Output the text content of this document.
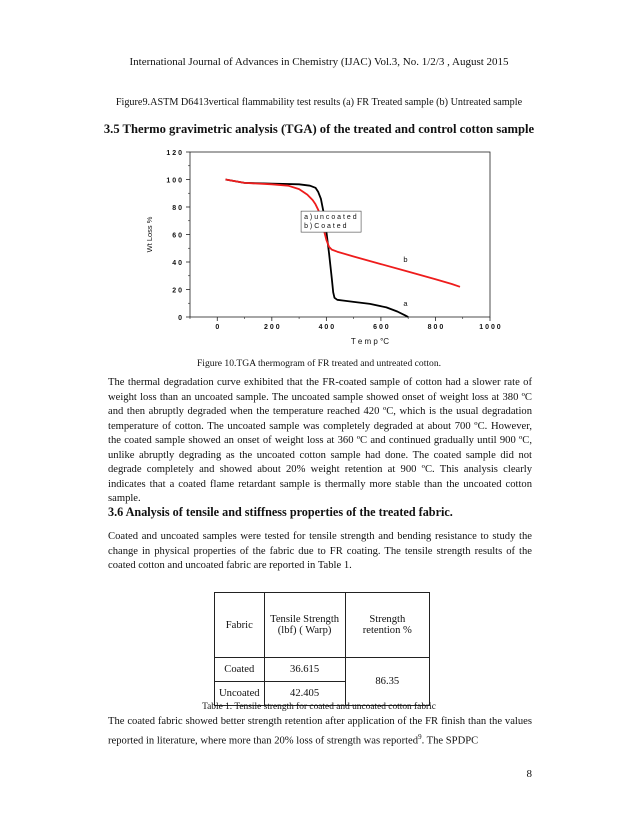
International Journal of Advances in Chemistry (IJAC) Vol.3, No. 1/2/3 , August 2015
Figure9.ASTM D6413vertical flammability test results (a) FR Treated sample (b) Untreated sample
3.5 Thermo gravimetric analysis (TGA) of the treated and control cotton sample
0
2 0
4 0
6 0
8 0
1 0 0
1 2 0
0	2 0 0	4 0 0	6 0 0	8 0 0	1 0 0 0
T e m p °C
Wt Loss %
a
b
a ) u n c o a t e d
b ) C o a t e d
Figure 10.TGA thermogram of FR treated and untreated cotton.
The thermal degradation curve exhibited that the FR-coated sample of cotton had a slower rate of weight loss than an uncoated sample. The uncoated sample showed onset of weight loss at 380 ºC and then abruptly degraded when the temperature reached 420 ºC, which is the usual degradation temperature of cotton. The uncoated sample was completely degraded at about 700 ºC. However, the coated sample showed an onset of weight loss at 360 ºC and continued gradually until 900 ºC, unlike abruptly degrading as the uncoated cotton sample had done. The coated sample did not degrade completely and showed about 20% weight retention at 900 ºC. This analysis clearly indicates that a coated flame retardant sample is thermally more stable than the uncoated cotton sample.
3.6 Analysis of tensile and stiffness properties of the treated fabric.
Coated and uncoated samples were tested for tensile strength and bending resistance to study the change in physical properties of the fabric due to FR coating. The tensile strength results of the coated cotton and uncoated fabric are reported in Table 1.
Fabric	Tensile Strength (lbf) ( Warp)	Strength retention %
Coated	36.615	86.35
Uncoated	42.405	
Table 1. Tensile strength for coated and uncoated cotton fabric
The coated fabric showed better strength retention after application of the FR finish than the values reported in literature, where more than 20% loss of strength was reported$^9$. The SPDPC
8
